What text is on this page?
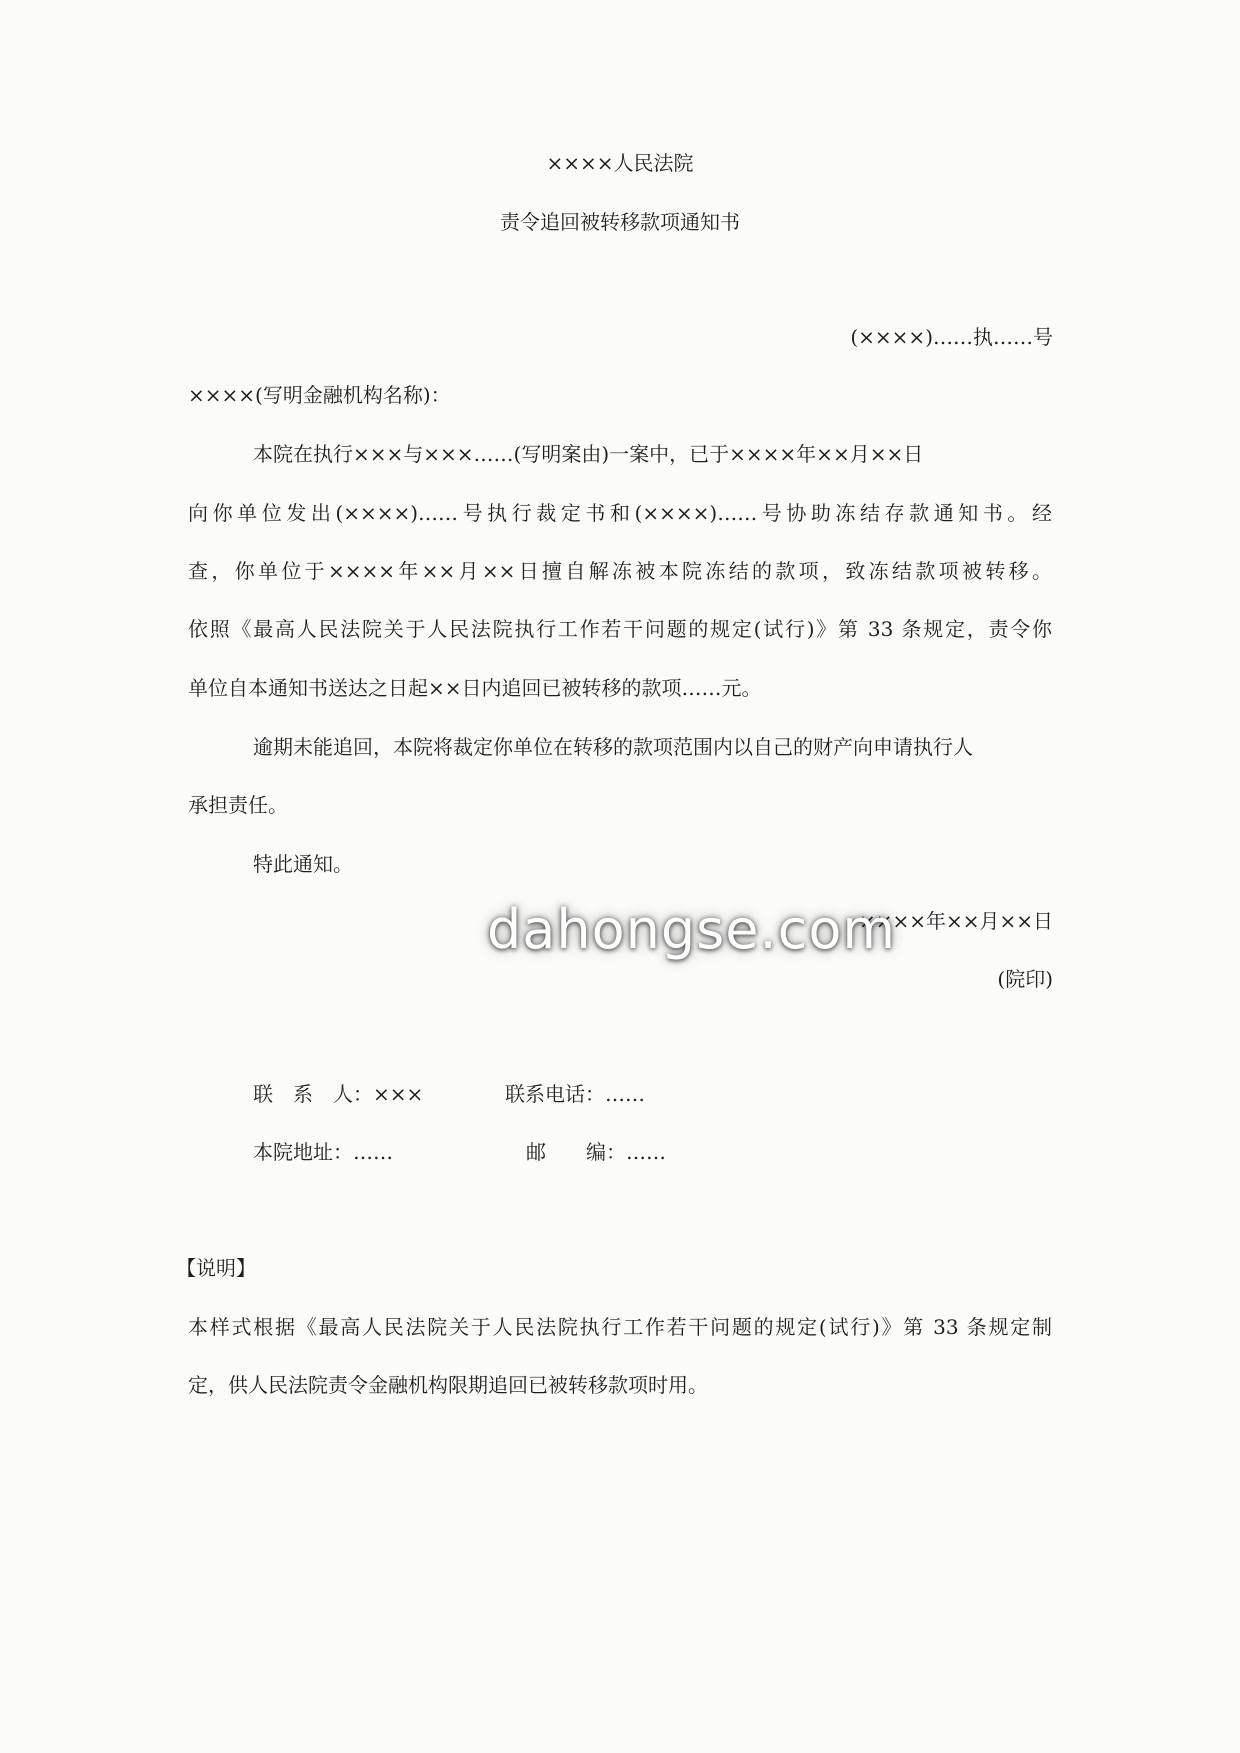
××××人民法院
责令追回被转移款项通知书
(××××)……执……号
××××(写明金融机构名称)：
本院在执行×××与×××……(写明案由)一案中，已于××××年××月××日
向你单位发出(××××)……号执行裁定书和(××××)……号协助冻结存款通知书。经
查，你单位于××××年××月××日擅自解冻被本院冻结的款项，致冻结款项被转移。
依照《最高人民法院关于人民法院执行工作若干问题的规定(试行)》第 33 条规定，责令你
单位自本通知书送达之日起××日内追回已被转移的款项……元。
逾期未能追回，本院将裁定你单位在转移的款项范围内以自己的财产向申请执行人
承担责任。
特此通知。
××××年××月××日
(院印)
联　系　人：×××	联系电话：……
本院地址：……	邮　　编：……
【说明】
本样式根据《最高人民法院关于人民法院执行工作若干问题的规定(试行)》第 33 条规定制
定，供人民法院责令金融机构限期追回已被转移款项时用。
dahongse.com
